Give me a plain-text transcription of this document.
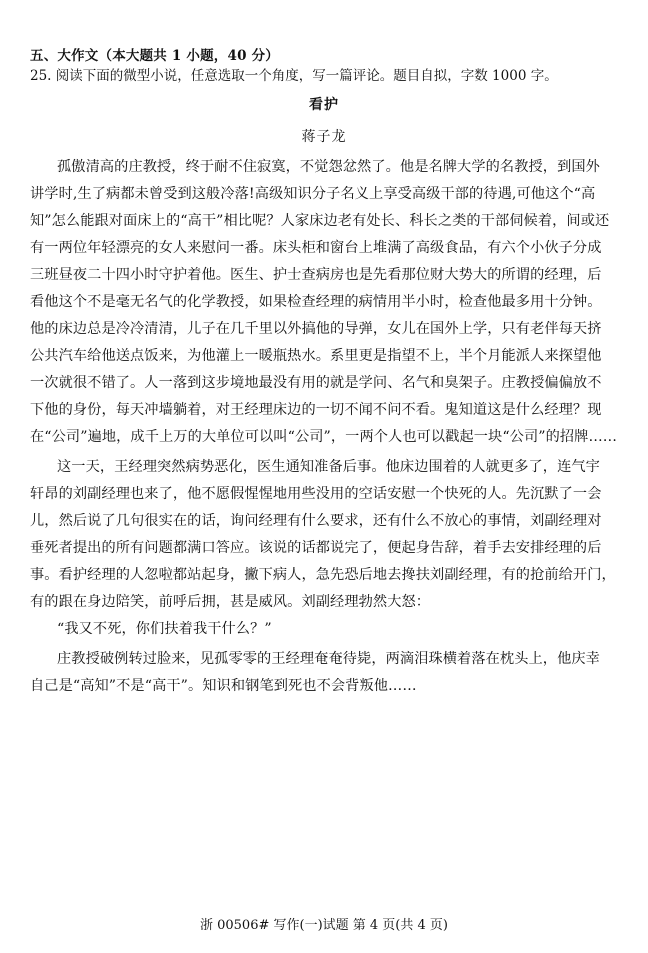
五、大作文（本大题共 1 小题，40 分）
25. 阅读下面的微型小说，任意选取一个角度，写一篇评论。题目自拟，字数 1000 字。
看护
蒋子龙
孤傲清高的庄教授，终于耐不住寂寞，不觉怨忿然了。他是名牌大学的名教授，到国外
讲学时,生了病都未曾受到这般冷落!高级知识分子名义上享受高级干部的待遇,可他这个“高
知”怎么能跟对面床上的“高干”相比呢？人家床边老有处长、科长之类的干部伺候着，间或还
有一两位年轻漂亮的女人来慰问一番。床头柜和窗台上堆满了高级食品，有六个小伙子分成
三班昼夜二十四小时守护着他。医生、护士查病房也是先看那位财大势大的所谓的经理，后
看他这个不是毫无名气的化学教授，如果检查经理的病情用半小时，检查他最多用十分钟。
他的床边总是冷冷清清，儿子在几千里以外搞他的导弹，女儿在国外上学，只有老伴每天挤
公共汽车给他送点饭来，为他灌上一暖瓶热水。系里更是指望不上，半个月能派人来探望他
一次就很不错了。人一落到这步境地最没有用的就是学问、名气和臭架子。庄教授偏偏放不
下他的身份，每天冲墙躺着，对王经理床边的一切不闻不问不看。鬼知道这是什么经理？现
在“公司”遍地，成千上万的大单位可以叫“公司”，一两个人也可以戳起一块“公司”的招牌……
这一天，王经理突然病势恶化，医生通知准备后事。他床边围着的人就更多了，连气宇
轩昂的刘副经理也来了，他不愿假惺惺地用些没用的空话安慰一个快死的人。先沉默了一会
儿，然后说了几句很实在的话，询问经理有什么要求，还有什么不放心的事情，刘副经理对
垂死者提出的所有问题都满口答应。该说的话都说完了，便起身告辞，着手去安排经理的后
事。看护经理的人忽啦都站起身，撇下病人，急先恐后地去搀扶刘副经理，有的抢前给开门，
有的跟在身边陪笑，前呼后拥，甚是威风。刘副经理勃然大怒：
“我又不死，你们扶着我干什么？”
庄教授破例转过脸来，见孤零零的王经理奄奄待毙，两滴泪珠横着落在枕头上，他庆幸
自己是“高知”不是“高干”。知识和钢笔到死也不会背叛他……
浙 00506# 写作(一)试题 第 4 页(共 4 页)
